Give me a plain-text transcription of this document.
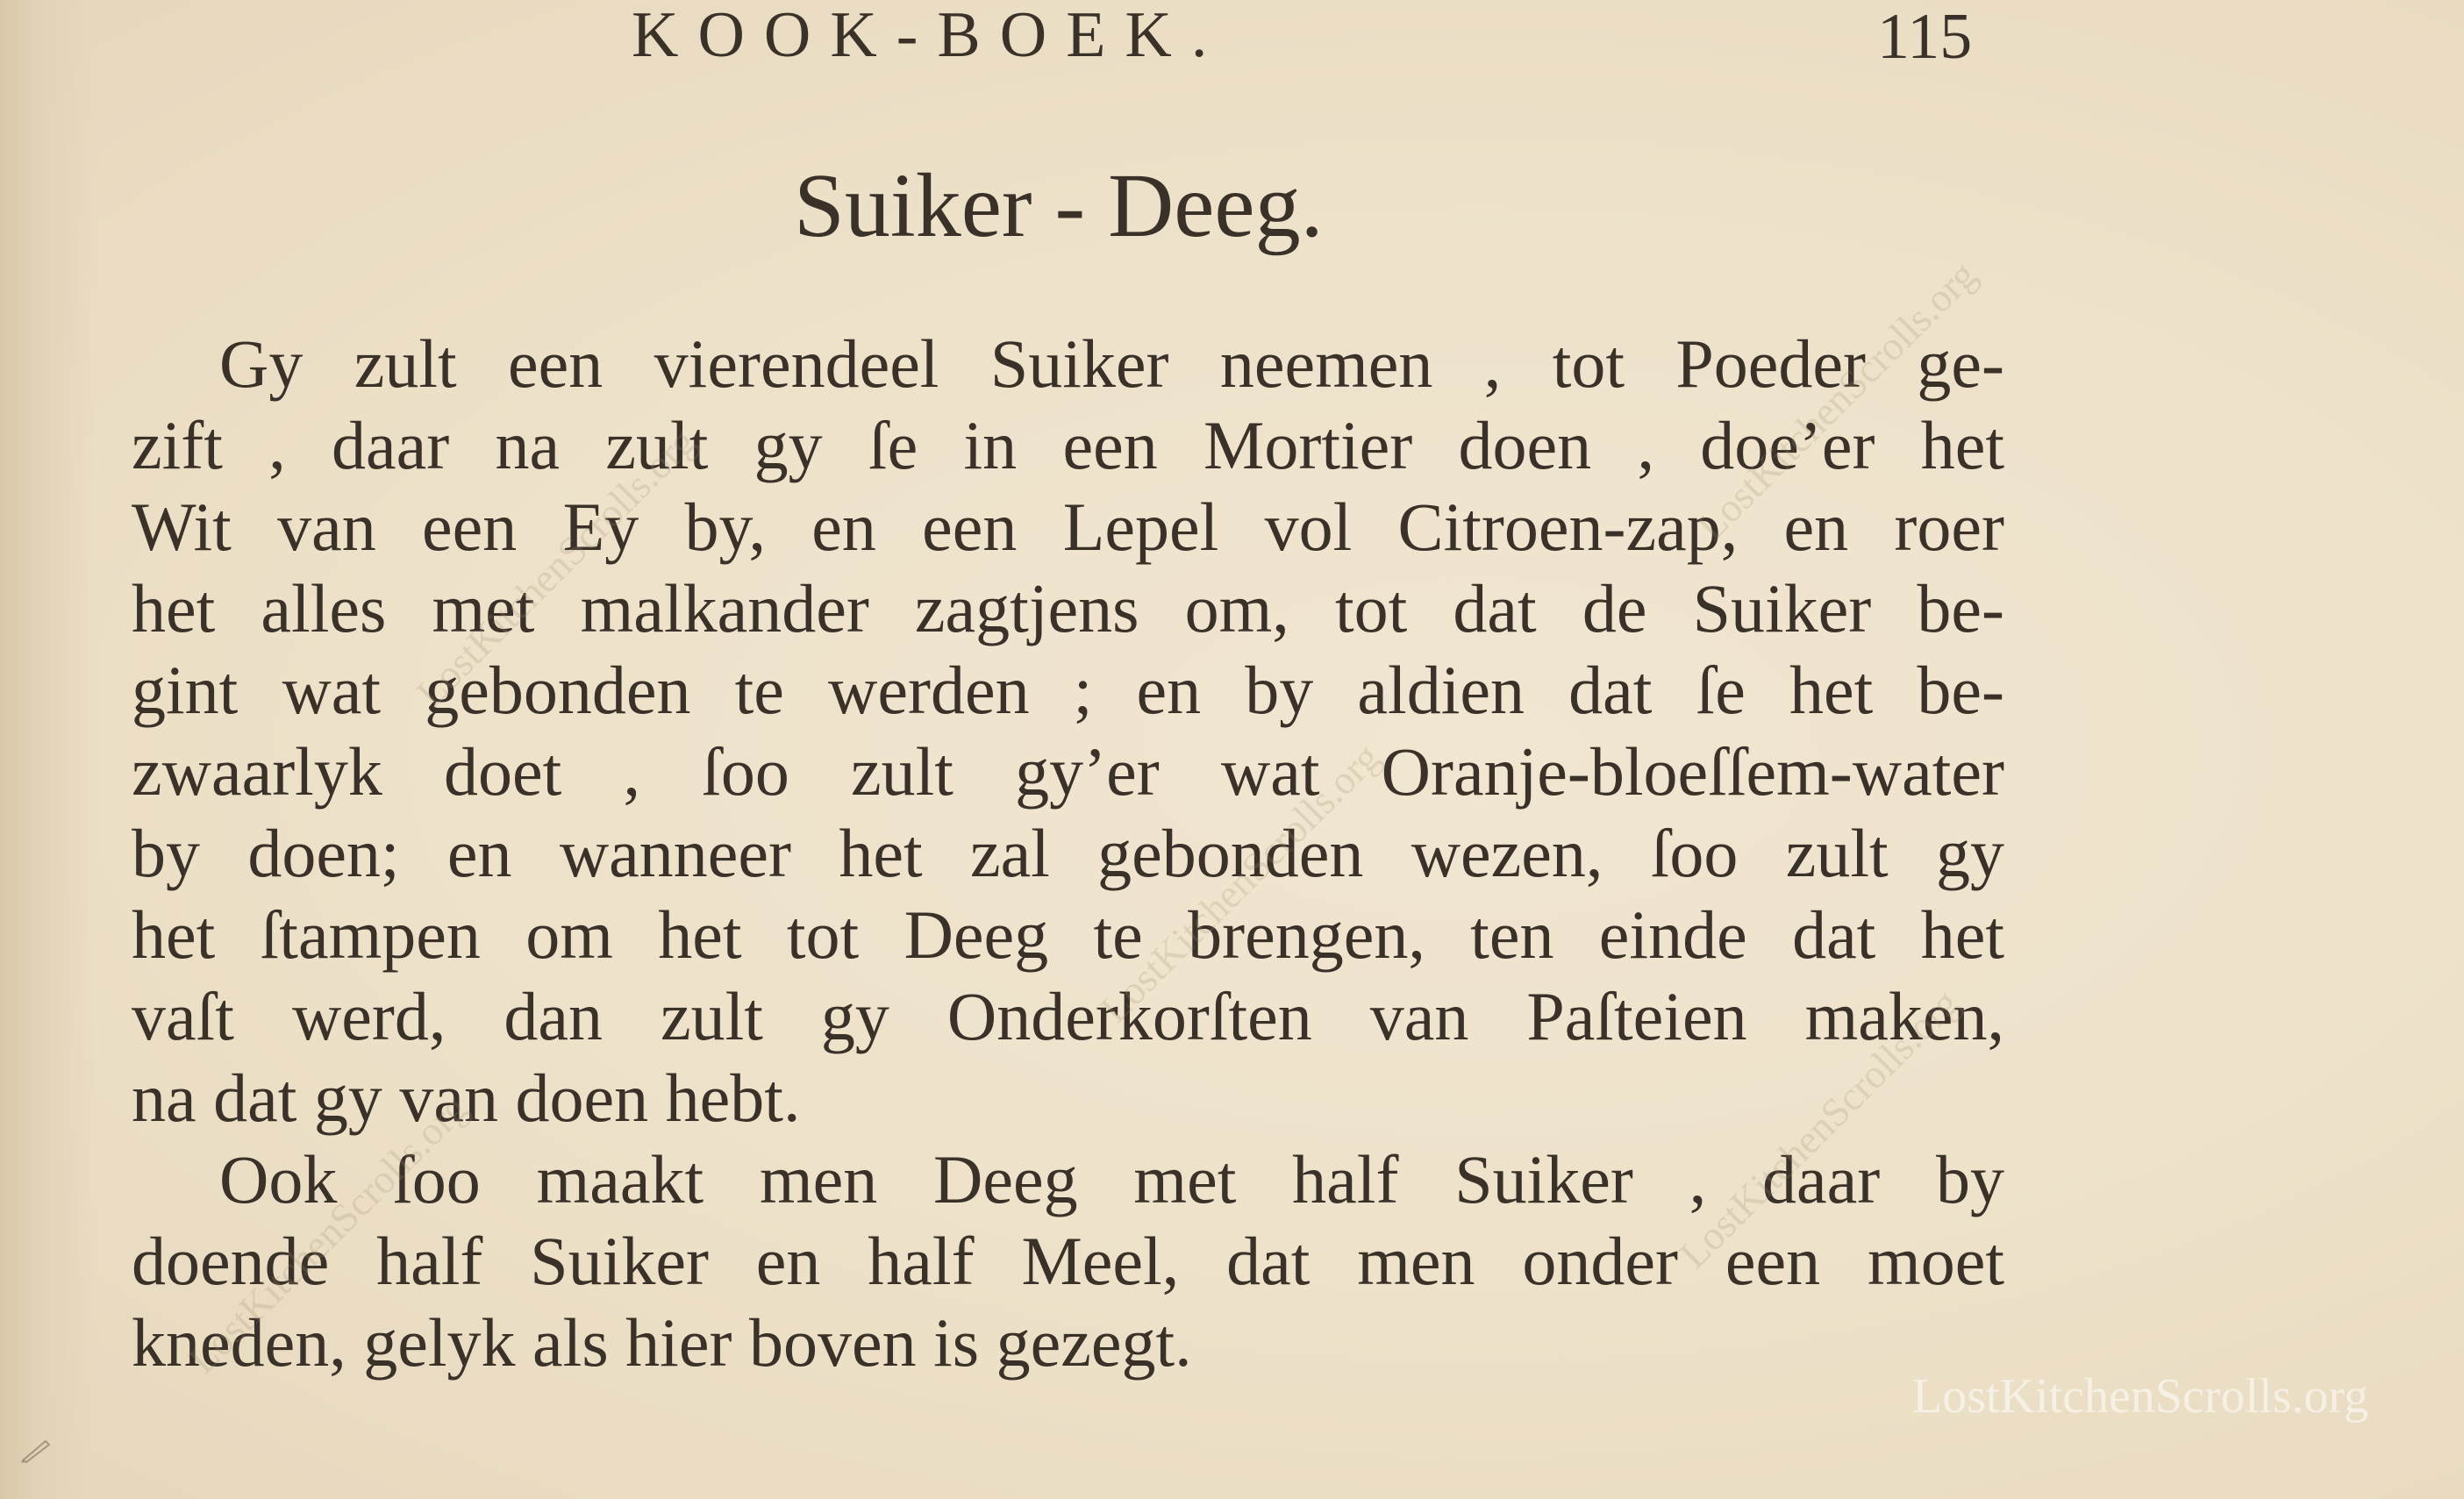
KOOK-BOEK.	115
Suiker - Deeg.
Gy zult een vierendeel Suiker neemen , tot Poeder ge-
zift , daar na zult gy ſe in een Mortier doen , doe’er het
Wit van een Ey by, en een Lepel vol Citroen-zap, en roer
het alles met malkander zagtjens om, tot dat de Suiker be-
gint wat gebonden te werden ; en by aldien dat ſe het be-
zwaarlyk doet , ſoo zult gy’er wat Oranje-bloeſſem-water
by doen; en wanneer het zal gebonden wezen, ſoo zult gy
het ſtampen om het tot Deeg te brengen, ten einde dat het
vaſt werd, dan zult gy Onderkorſten van Paſteien maken,
na dat gy van doen hebt.
Ook ſoo maakt men Deeg met half Suiker , daar by
doende half Suiker en half Meel, dat men onder een moet
kneden, gelyk als hier boven is gezegt.
LostKitchenScrolls.org
LostKitchenScrolls.org
LostKitchenScrolls.org
LostKitchenScrolls.org
LostKitchenScrolls.org
LostKitchenScrolls.org
